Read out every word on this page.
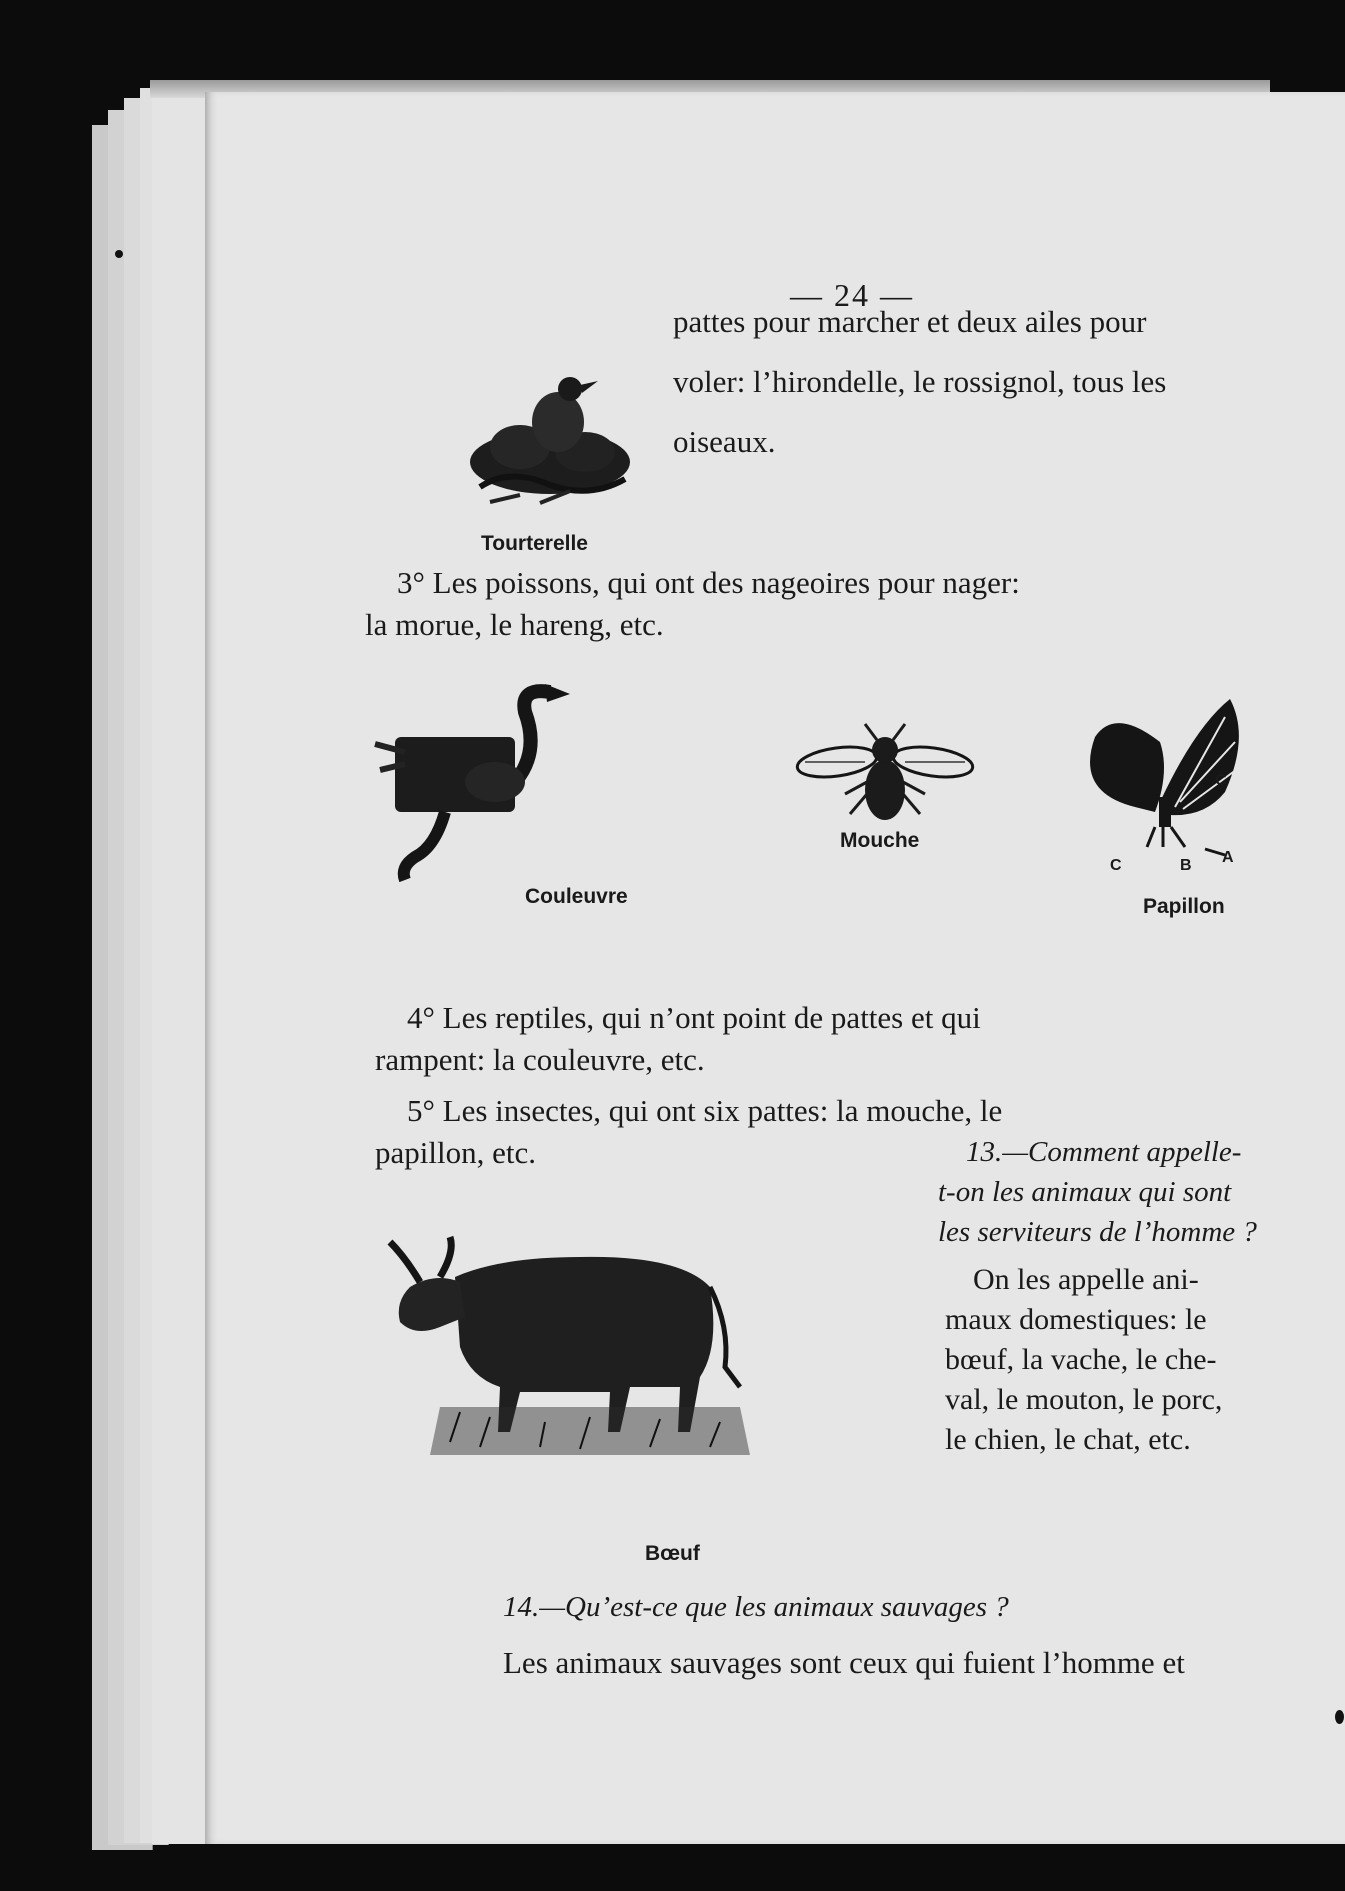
— 24 —
Tourterelle
pattes pour marcher et deux ailes pour
voler: l’hirondelle, le rossignol, tous les
oiseaux.
3° Les poissons, qui ont des nageoires pour nager:
la morue, le hareng, etc.
Couleuvre
Mouche
C
B A
C
Papillon
4° Les reptiles, qui n’ont point de pattes et qui
rampent: la couleuvre, etc.
5° Les insectes, qui ont six pattes: la mouche, le
papillon, etc.
Bœuf
13.—Comment appelle-
t-on les animaux qui sont
les serviteurs de l’homme ?
On les appelle ani-
maux domestiques: le
bœuf, la vache, le che-
val, le mouton, le porc,
le chien, le chat, etc.
14.—Qu’est-ce que les animaux sauvages ?
Les animaux sauvages sont ceux qui fuient l’homme et
